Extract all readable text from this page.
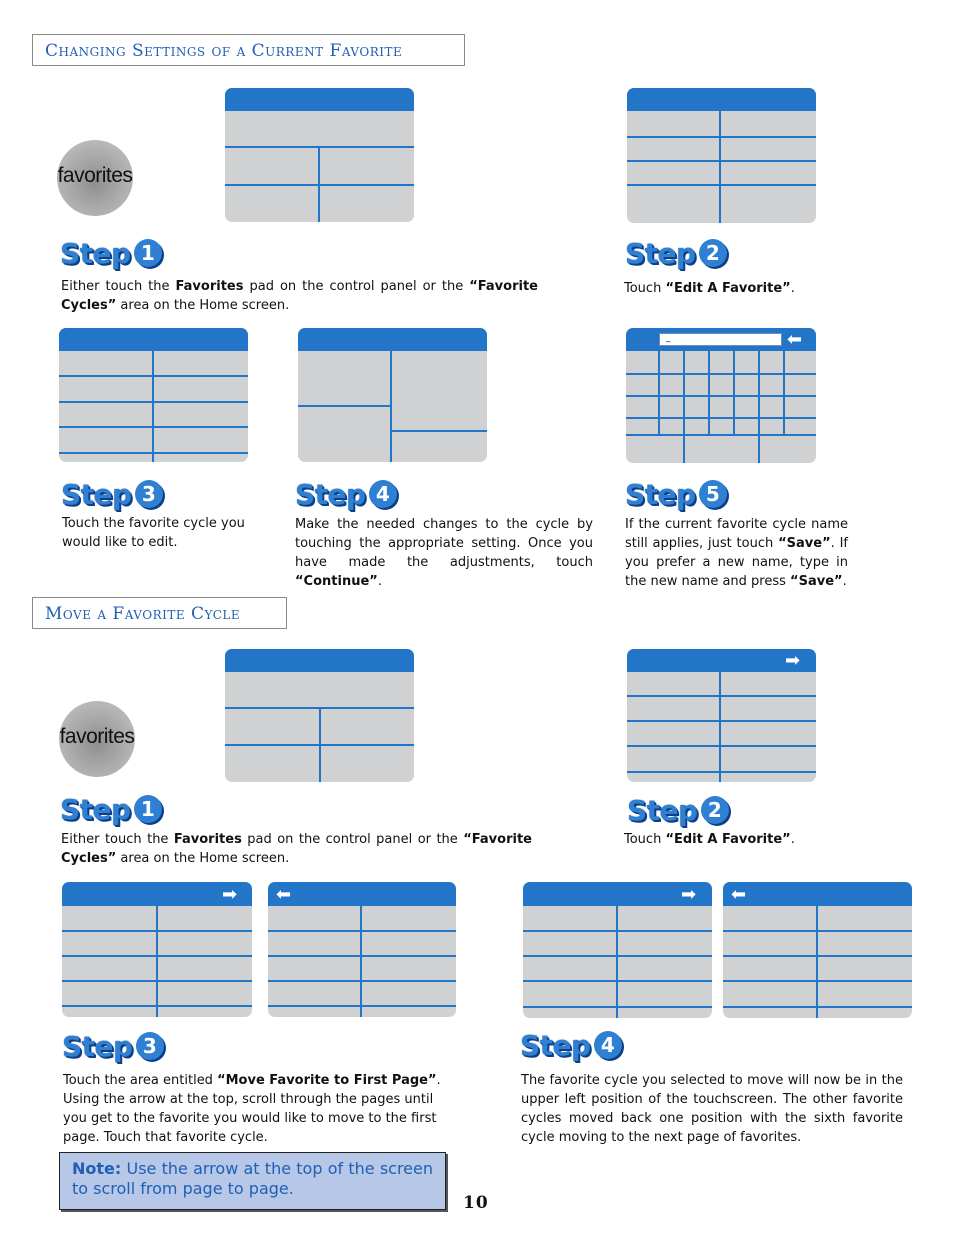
Changing Settings of a Current Favorite
favorites
Step 1
Either touch the Favorites pad on the control panel or the “Favorite Cycles” area on the Home screen.
Step 2
Touch “Edit A Favorite”.
_	⬅
Step 3
Touch the favorite cycle you would like to edit.
Step 4
Make the needed changes to the cycle by touching the appropriate setting. Once you have made the adjustments, touch “Continue”.
Step 5
If the current favorite cycle name still applies, just touch “Save”. If you prefer a new name, type in the new name and press “Save”.
Move a Favorite Cycle
favorites
➡
Step 1
Either touch the Favorites pad on the control panel or the “Favorite Cycles” area on the Home screen.
Step 2
Touch “Edit A Favorite”.
➡ ⬅	➡ ⬅
Step 3
Touch the area entitled “Move Favorite to First Page”. Using the arrow at the top, scroll through the pages until you get to the favorite you would like to move to the first page. Touch that favorite cycle.
Step 4
The favorite cycle you selected to move will now be in the upper left position of the touchscreen. The other favorite cycles moved back one position with the sixth favorite cycle moving to the next page of favorites.
Note: Use the arrow at the top of the screen to scroll from page to page.
10
